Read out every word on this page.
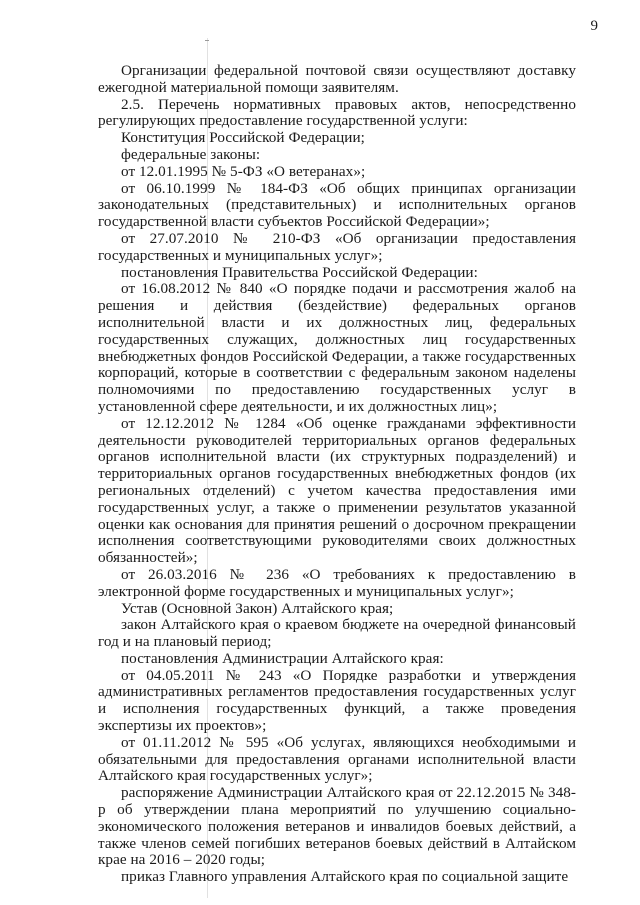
9

Организации федеральной почтовой связи осуществляют доставку ежегодной материальной помощи заявителям.

2.5. Перечень нормативных правовых актов, непосредственно регулирующих предоставление государственной услуги:

Конституция Российской Федерации;

федеральные законы:

от 12.01.1995 № 5-ФЗ «О ветеранах»;

от 06.10.1999 № 184-ФЗ «Об общих принципах организации законодательных (представительных) и исполнительных органов государственной власти субъектов Российской Федерации»;

от 27.07.2010 № 210-ФЗ «Об организации предоставления государственных и муниципальных услуг»;

постановления Правительства Российской Федерации:

от 16.08.2012 № 840 «О порядке подачи и рассмотрения жалоб на решения и действия (бездействие) федеральных органов исполнительной власти и их должностных лиц, федеральных государственных служащих, должностных лиц государственных внебюджетных фондов Российской Федерации, а также государственных корпораций, которые в соответствии с федеральным законом наделены полномочиями по предоставлению государственных услуг в установленной сфере деятельности, и их должностных лиц»;

от 12.12.2012 № 1284 «Об оценке гражданами эффективности деятельности руководителей территориальных органов федеральных органов исполнительной власти (их структурных подразделений) и территориальных органов государственных внебюджетных фондов (их региональных отделений) с учетом качества предоставления ими государственных услуг, а также о применении результатов указанной оценки как основания для принятия решений о досрочном прекращении исполнения соответствующими руководителями своих должностных обязанностей»;

от 26.03.2016 № 236 «О требованиях к предоставлению в электронной форме государственных и муниципальных услуг»;

Устав (Основной Закон) Алтайского края;

закон Алтайского края о краевом бюджете на очередной финансовый год и на плановый период;

постановления Администрации Алтайского края:

от 04.05.2011 № 243 «О Порядке разработки и утверждения административных регламентов предоставления государственных услуг и исполнения государственных функций, а также проведения экспертизы их проектов»;

от 01.11.2012 № 595 «Об услугах, являющихся необходимыми и обязательными для предоставления органами исполнительной власти Алтайского края государственных услуг»;

распоряжение Администрации Алтайского края от 22.12.2015 № 348-р об утверждении плана мероприятий по улучшению социально-экономического положения ветеранов и инвалидов боевых действий, а также членов семей погибших ветеранов боевых действий в Алтайском крае на 2016 – 2020 годы;

приказ Главного управления Алтайского края по социальной защите
